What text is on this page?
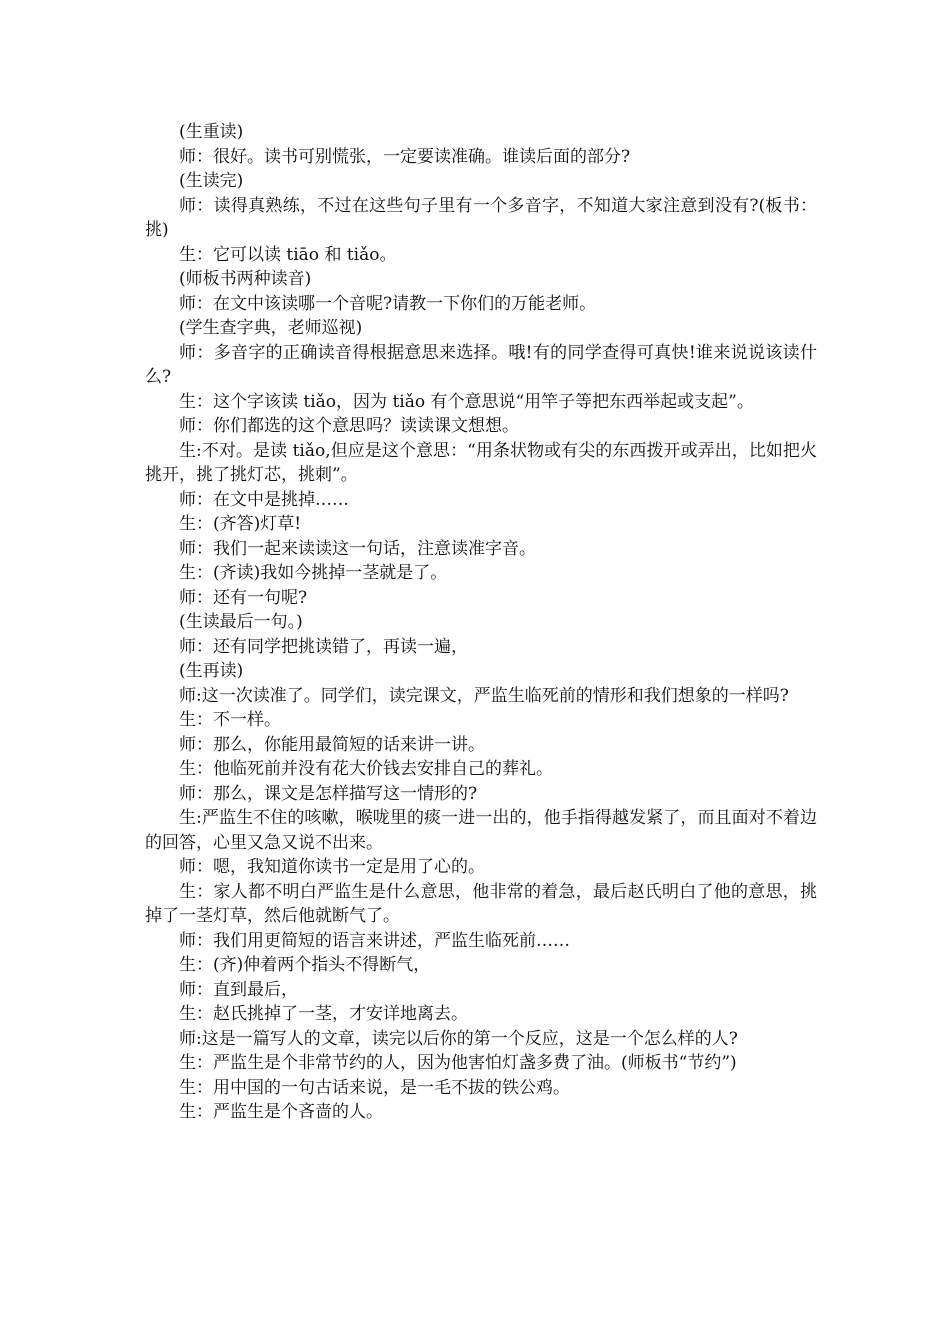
(生重读)

师：很好。读书可别慌张，一定要读准确。谁读后面的部分?

(生读完)

师：读得真熟练，不过在这些句子里有一个多音字，不知道大家注意到没有?(板书：挑)

生：它可以读 tiāo 和 tiǎo。

(师板书两种读音)

师：在文中该读哪一个音呢?请教一下你们的万能老师。

(学生查字典，老师巡视)

师：多音字的正确读音得根据意思来选择。哦!有的同学查得可真快!谁来说说该读什么?

生：这个字该读 tiǎo，因为 tiǎo 有个意思说“用竿子等把东西举起或支起”。

师：你们都选的这个意思吗？读读课文想想。

生:不对。是读 tiǎo,但应是这个意思：“用条状物或有尖的东西拨开或弄出，比如把火挑开，挑了挑灯芯，挑刺”。

师：在文中是挑掉……

生：(齐答)灯草!

师：我们一起来读读这一句话，注意读准字音。

生：(齐读)我如今挑掉一茎就是了。

师：还有一句呢?

(生读最后一句。)

师：还有同学把挑读错了，再读一遍，

(生再读)

师:这一次读准了。同学们，读完课文，严监生临死前的情形和我们想象的一样吗?

生：不一样。

师：那么，你能用最简短的话来讲一讲。

生：他临死前并没有花大价钱去安排自己的葬礼。

师：那么，课文是怎样描写这一情形的?

生:严监生不住的咳嗽，喉咙里的痰一进一出的，他手指得越发紧了，而且面对不着边的回答，心里又急又说不出来。

师：嗯，我知道你读书一定是用了心的。

生：家人都不明白严监生是什么意思，他非常的着急，最后赵氏明白了他的意思，挑掉了一茎灯草，然后他就断气了。

师：我们用更简短的语言来讲述，严监生临死前……

生：(齐)伸着两个指头不得断气，

师：直到最后，

生：赵氏挑掉了一茎，才安详地离去。

师:这是一篇写人的文章，读完以后你的第一个反应，这是一个怎么样的人?

生：严监生是个非常节约的人，因为他害怕灯盏多费了油。(师板书“节约”)

生：用中国的一句古话来说，是一毛不拔的铁公鸡。

生：严监生是个吝啬的人。
